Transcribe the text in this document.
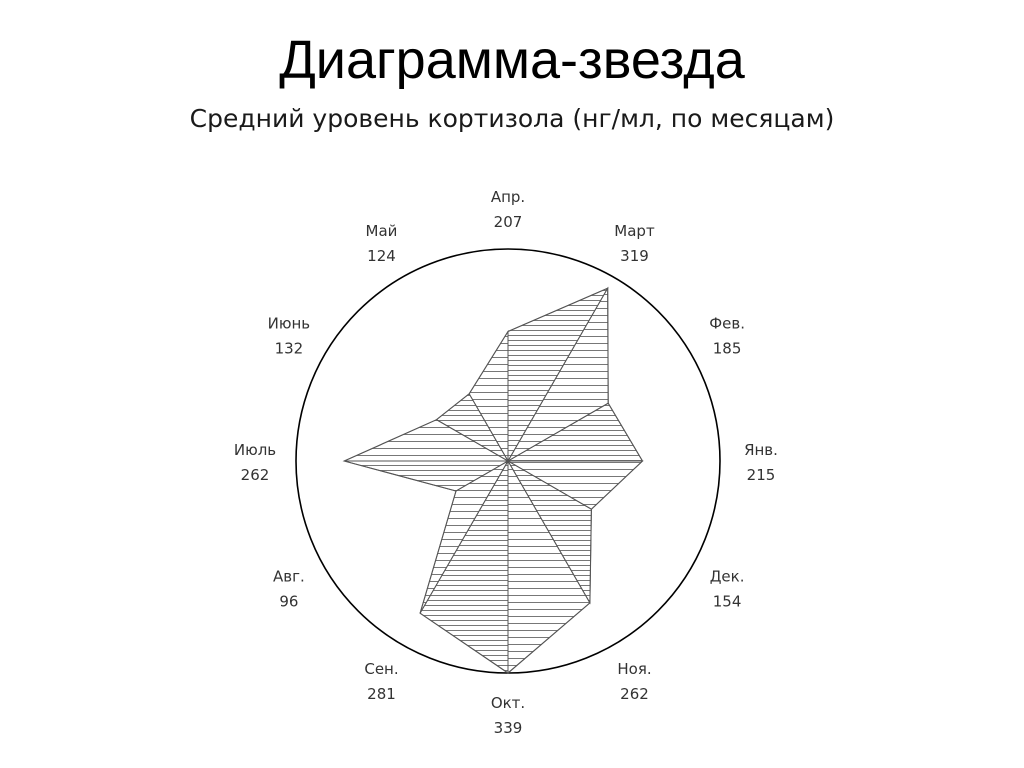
Диаграмма-звезда
Средний уровень кортизола (нг/мл, по месяцам)
Янв.
215
Фев.
185
Март
319
Апр.
207
Май
124
Июнь
132
Июль
262
Авг.
96
Сен.
281	Окт.
339
Ноя.
262
Дек.
154
